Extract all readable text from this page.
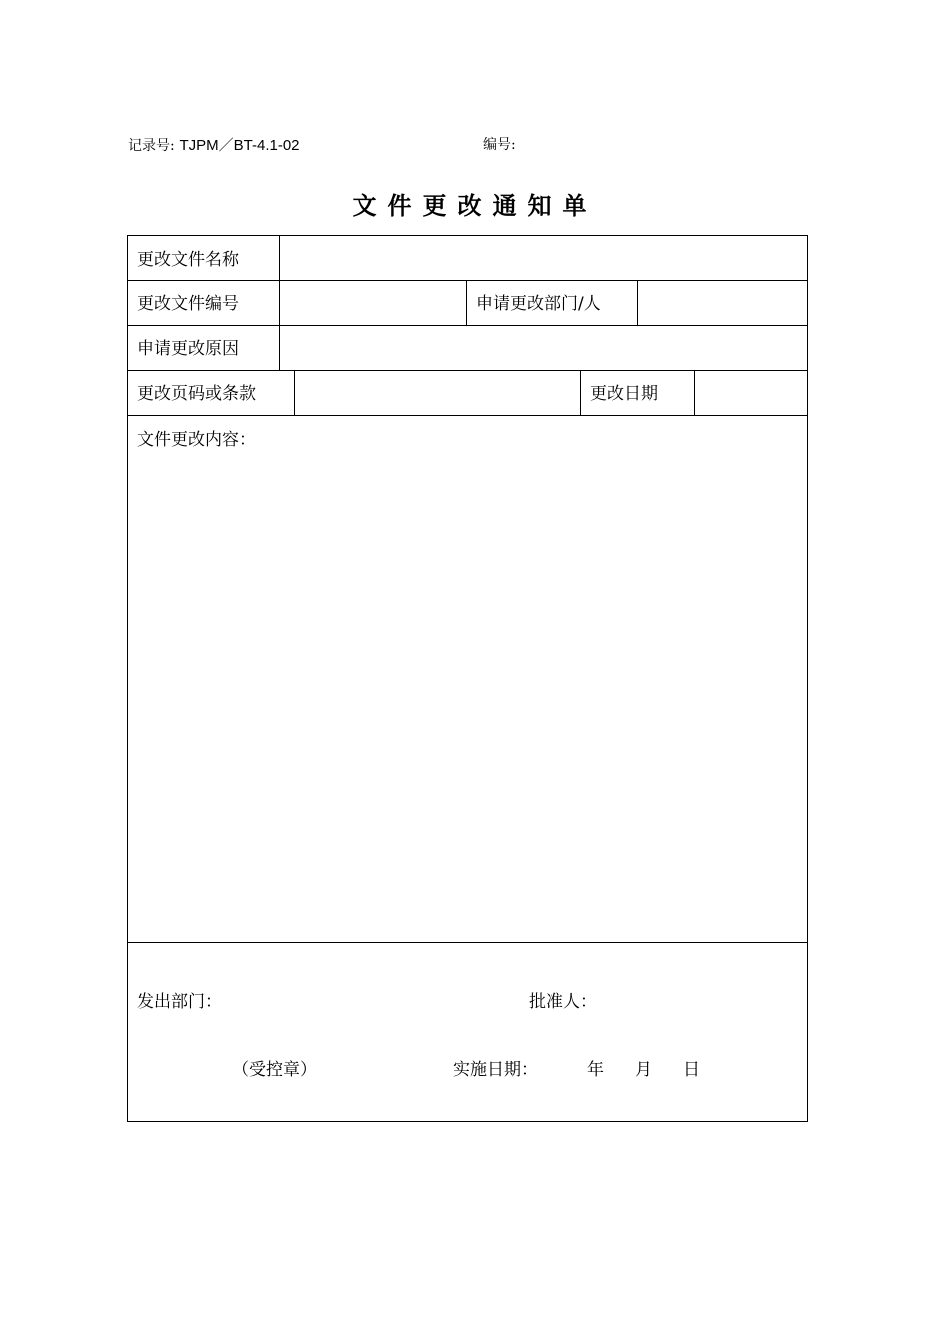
记录号: TJPM／BT-4.1-02	编号:
文件更改通知单
更改文件名称
更改文件编号	申请更改部门/人
申请更改原因
更改页码或条款	更改日期
文件更改内容：
发出部门：	批准人：
（受控章）	实施日期：	年 月 日
